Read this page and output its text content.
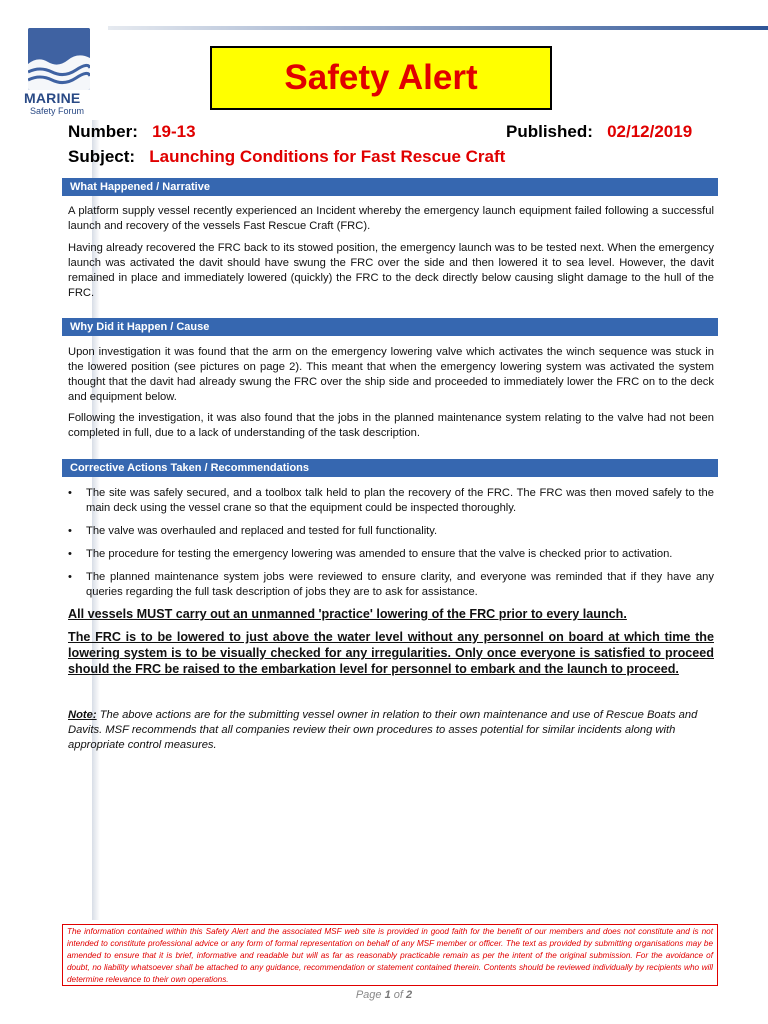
MARINE
Safety Forum
Safety Alert
Number: 19-13	Published: 02/12/2019
Subject: Launching Conditions for Fast Rescue Craft
What Happened / Narrative

A platform supply vessel recently experienced an Incident whereby the emergency launch equipment failed following a successful launch and recovery of the vessels Fast Rescue Craft (FRC).

Having already recovered the FRC back to its stowed position, the emergency launch was to be tested next. When the emergency launch was activated the davit should have swung the FRC over the side and then lowered it to sea level. However, the davit remained in place and immediately lowered (quickly) the FRC to the deck directly below causing slight damage to the hull of the FRC.

Why Did it Happen / Cause

Upon investigation it was found that the arm on the emergency lowering valve which activates the winch sequence was stuck in the lowered position (see pictures on page 2). This meant that when the emergency lowering system was activated the system thought that the davit had already swung the FRC over the ship side and proceeded to immediately lower the FRC on to the deck and equipment below.

Following the investigation, it was also found that the jobs in the planned maintenance system relating to the valve had not been completed in full, due to a lack of understanding of the task description.

Corrective Actions Taken / Recommendations
• The site was safely secured, and a toolbox talk held to plan the recovery of the FRC. The FRC was then moved safely to the main deck using the vessel crane so that the equipment could be inspected thoroughly.
• The valve was overhauled and replaced and tested for full functionality.
• The procedure for testing the emergency lowering was amended to ensure that the valve is checked prior to activation.
• The planned maintenance system jobs were reviewed to ensure clarity, and everyone was reminded that if they have any queries regarding the full task description of jobs they are to ask for assistance.

All vessels MUST carry out an unmanned 'practice' lowering of the FRC prior to every launch.

The FRC is to be lowered to just above the water level without any personnel on board at which time the lowering system is to be visually checked for any irregularities. Only once everyone is satisfied to proceed should the FRC be raised to the embarkation level for personnel to embark and the launch to proceed.

Note: The above actions are for the submitting vessel owner in relation to their own maintenance and use of Rescue Boats and Davits. MSF recommends that all companies review their own procedures to asses potential for similar incidents along with appropriate control measures.

The information contained within this Safety Alert and the associated MSF web site is provided in good faith for the benefit of our members and does not constitute and is not intended to constitute professional advice or any form of formal representation on behalf of any MSF member or officer. The text as provided by submitting organisations may be amended to ensure that it is brief, informative and readable but will as far as reasonably practicable remain as per the intent of the original submission. For the avoidance of doubt, no liability whatsoever shall be attached to any guidance, recommendation or statement contained therein. Contents should be reviewed individually by recipients who will determine relevance to their own operations.
Page 1 of 2
